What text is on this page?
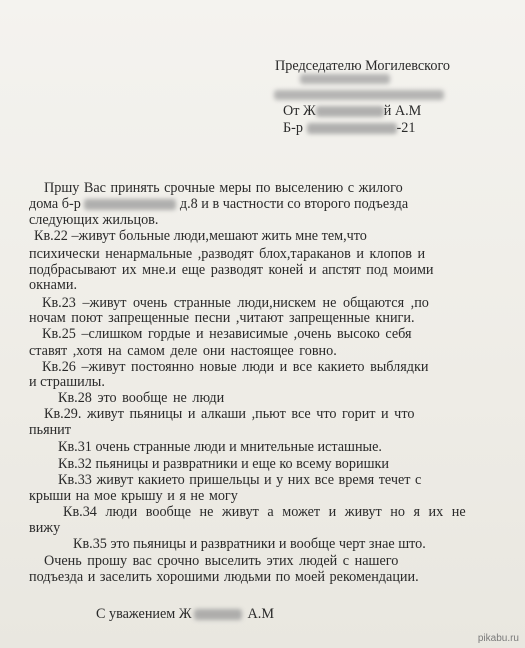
Председателю Могилевского
От Ж	й А.М
Б-р	-21
Пршу Вас принять срочные меры по выселению с жилого
дома б-р	д.8 и в частности со второго подъезда
следующих жильцов.
Кв.22 –живут больные люди,мешают жить мне тем,что
психически ненармальные ,разводят блох,тараканов и клопов и
подбрасывают их мне.и еще разводят коней и апстят под моими
окнами.
Кв.23 –живут очень странные люди,нискем не общаются ,по
ночам поют запрещенные песни ,читают запрещенные книги.
Кв.25 –слишком гордые и независимые ,очень высоко себя
ставят ,хотя на самом деле они настоящее говно.
Кв.26 –живут постоянно новые люди и все какието выблядки
и страшилы.
Кв.28 это вообще не люди
Кв.29. живут пьяницы и алкаши ,пьют все что горит и что
пьянит
Кв.31 очень странные люди и мнительные исташные.
Кв.32 пьяницы и развратники и еще ко всему воришки
Кв.33 живут какието пришельцы и у них все время течет с
крыши на мое крышу и я не могу
Кв.34 люди вообще не живут а может и живут но я их не
вижу
Кв.35 это пьяницы и развратники и вообще черт знае што.
Очень прошу вас срочно выселить этих людей с нашего
подъезда и заселить хорошими людьми по моей рекомендации.
С уважением Ж	А.М
pikabu.ru
